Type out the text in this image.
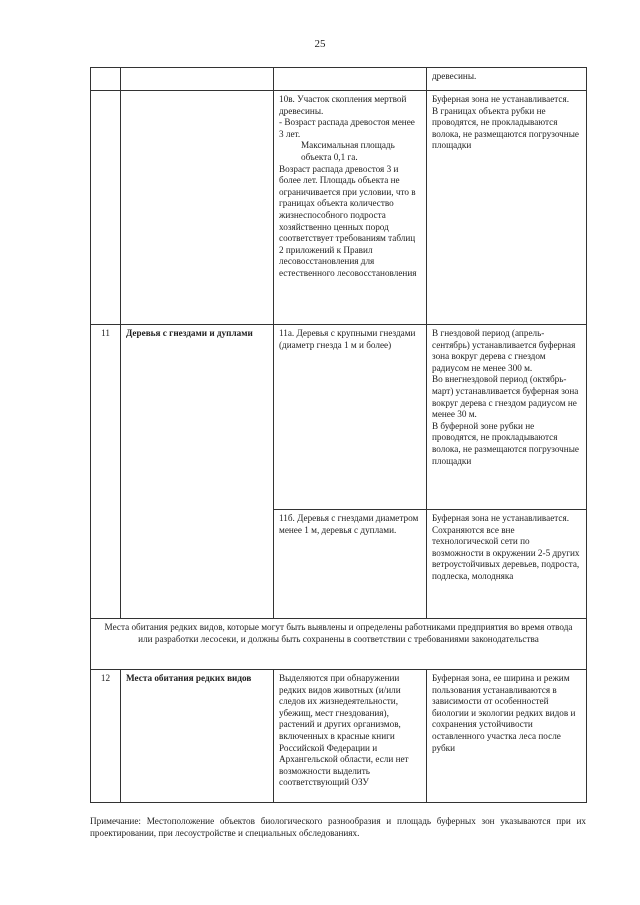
25
			древесины.

		10в. Участок скопления мертвой древесины.
- Возраст распада древостоя менее 3 лет.
Максимальная площадь объекта 0,1 га.
Возраст распада древостоя 3 и более лет. Площадь объекта не ограничивается при условии, что в границах объекта количество жизнеспособного подроста хозяйственно ценных пород соответствует требованиям таблиц 2 приложений к Правил лесовосстановления для естественного лесовосстановления	Буферная зона не устанавливается.
В границах объекта рубки не проводятся, не прокладываются волока, не размещаются погрузочные площадки

11	Деревья с гнездами и дуплами	11а. Деревья с крупными гнездами (диаметр гнезда 1 м и более)	В гнездовой период (апрель-сентябрь) устанавливается буферная зона вокруг дерева с гнездом радиусом не менее 300 м.
Во внегнездовой период (октябрь-март) устанавливается буферная зона вокруг дерева с гнездом радиусом не менее 30 м.
В буферной зоне рубки не проводятся, не прокладываются волока, не размещаются погрузочные площадки

		11б. Деревья с гнездами диаметром менее 1 м, деревья с дуплами.	Буферная зона не устанавливается.
Сохраняются все вне технологической сети по возможности в окружении 2-5 других ветроустойчивых деревьев, подроста, подлеска, молодняка

Места обитания редких видов, которые могут быть выявлены и определены работниками предприятия во время отвода или разработки лесосеки, и должны быть сохранены в соответствии с требованиями законодательства			
12	Места обитания редких видов	Выделяются при обнаружении редких видов животных (и/или следов их жизнедеятельности, убежищ, мест гнездования), растений и других организмов, включенных в красные книги Российской Федерации и Архангельской области, если нет возможности выделить соответствующий ОЗУ	Буферная зона, ее ширина и режим пользования устанавливаются в зависимости от особенностей биологии и экологии редких видов и сохранения устойчивости оставленного участка леса после рубки
Примечание: Местоположение объектов биологического разнообразия и площадь буферных зон указываются при их проектировании, при лесоустройстве и специальных обследованиях.
